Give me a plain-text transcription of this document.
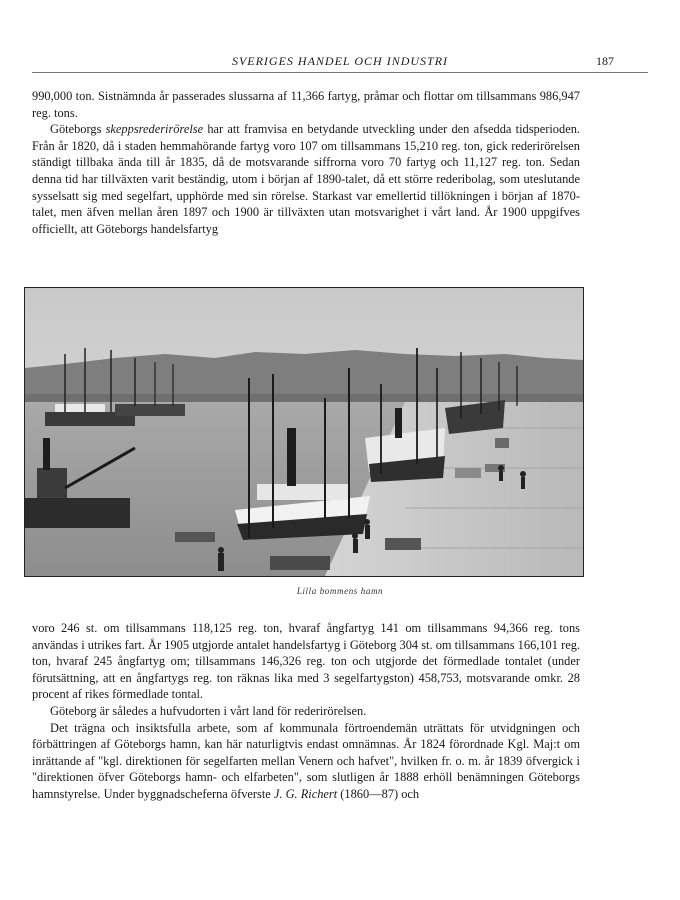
SVERIGES HANDEL OCH INDUSTRI	187

990,000 ton. Sistnämnda år passerades slussarna af 11,366 fartyg, pråmar och flottar om tillsammans 986,947 reg. tons.

Göteborgs skeppsrederirörelse har att framvisa en betydande utveckling under den afsedda tidsperioden. Från år 1820, då i staden hemmahörande fartyg voro 107 om tillsammans 15,210 reg. ton, gick rederirörelsen ständigt tillbaka ända till år 1835, då de motsvarande siffrorna voro 70 fartyg och 11,127 reg. ton. Sedan denna tid har tillväxten varit beständig, utom i början af 1890-talet, då ett större rederibolag, som uteslutande sysselsatt sig med segelfart, upphörde med sin rörelse. Starkast var emellertid tillökningen i början af 1870-talet, men äfven mellan åren 1897 och 1900 är tillväxten utan motsvarighet i vårt land. År 1900 uppgifves officiellt, att Göteborgs handelsfartyg

Lilla bommens hamn

voro 246 st. om tillsammans 118,125 reg. ton, hvaraf ångfartyg 141 om tillsammans 94,366 reg. tons användas i utrikes fart. År 1905 utgjorde antalet handelsfartyg i Göteborg 304 st. om tillsammans 166,101 reg. ton, hvaraf 245 ångfartyg om; tillsammans 146,326 reg. ton och utgjorde det förmedlade tontalet (under förutsättning, att en ångfartygs reg. ton räknas lika med 3 segelfartygston) 458,753, motsvarande omkr. 28 procent af rikes förmedlade tontal.

Göteborg är således a hufvudorten i vårt land för rederirörelsen.

Det trägna och insiktsfulla arbete, som af kommunala förtroendemän uträttats för utvidgningen och förbättringen af Göteborgs hamn, kan här naturligtvis endast omnämnas. År 1824 förordnade Kgl. Maj:t om inrättande af "kgl. direktionen för segelfarten mellan Venern och hafvet", hvilken fr. o. m. år 1839 öfvergick i "direktionen öfver Göteborgs hamn- och elfarbeten", som slutligen år 1888 erhöll benämningen Göteborgs hamnstyrelse. Under byggnadscheferna öfverste J. G. Richert (1860—87) och
